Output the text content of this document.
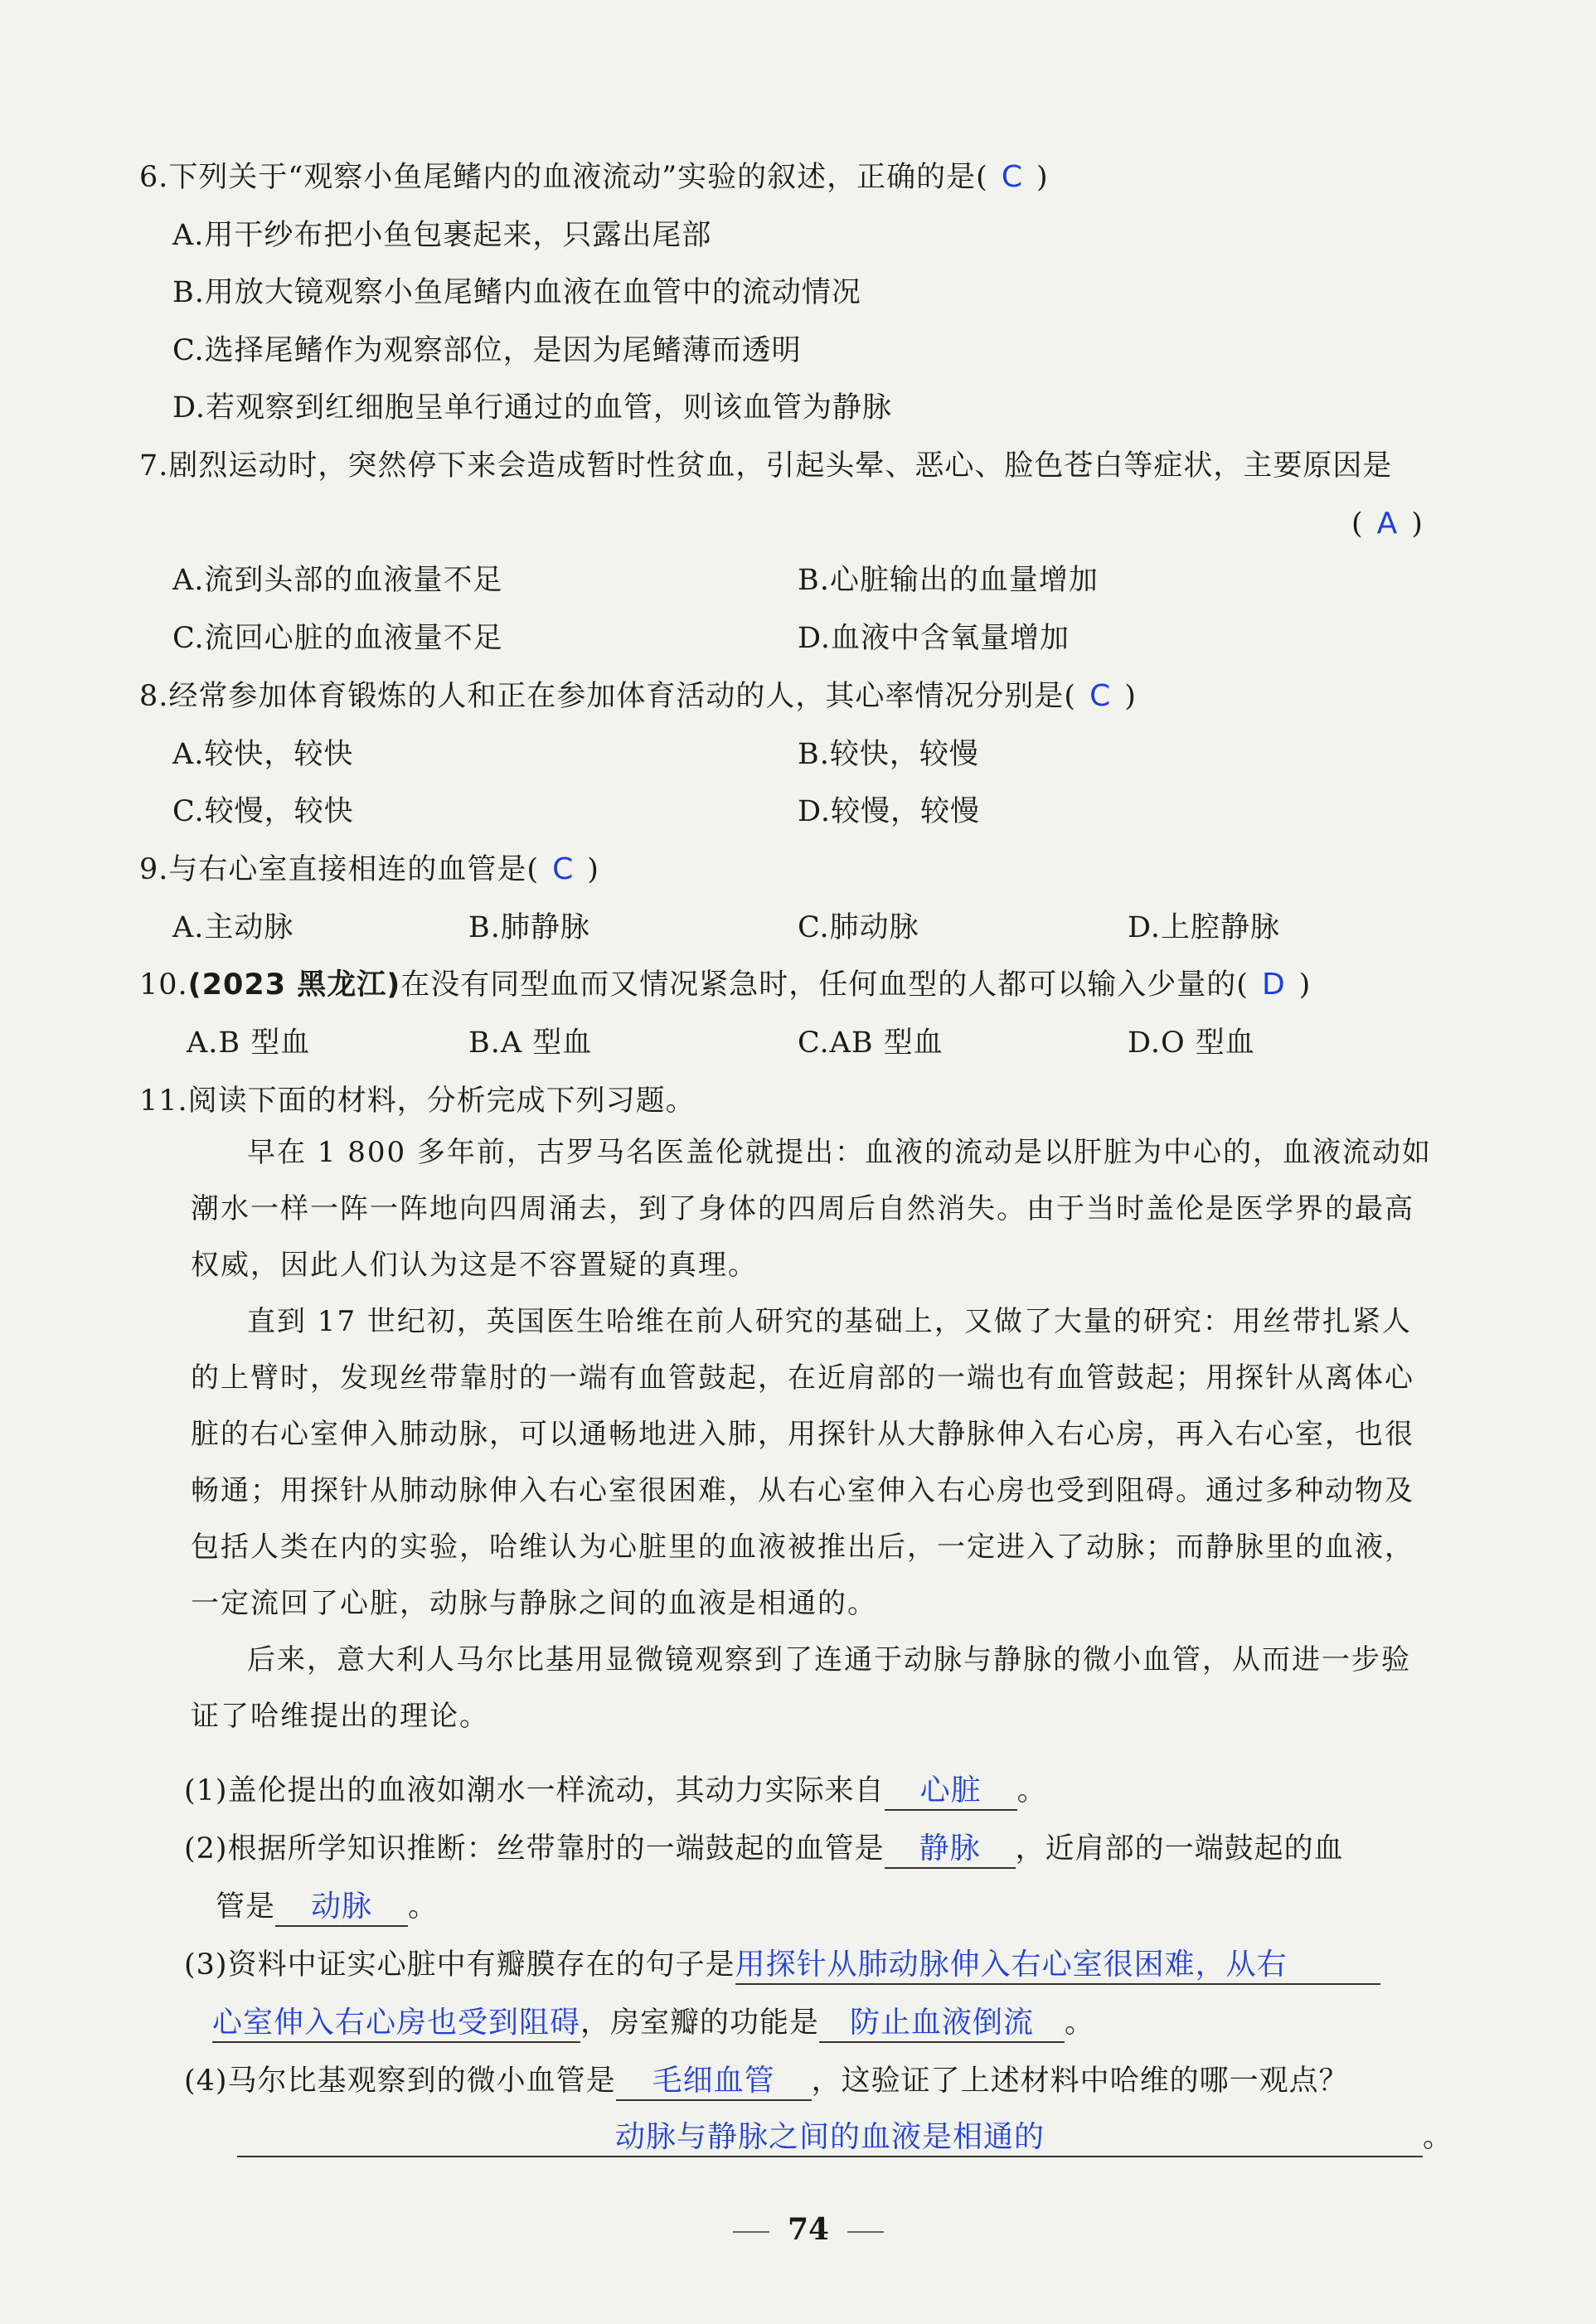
6.下列关于“观察小鱼尾鳍内的血液流动”实验的叙述，正确的是( C )
A.用干纱布把小鱼包裹起来，只露出尾部
B.用放大镜观察小鱼尾鳍内血液在血管中的流动情况
C.选择尾鳍作为观察部位，是因为尾鳍薄而透明
D.若观察到红细胞呈单行通过的血管，则该血管为静脉
7.剧烈运动时，突然停下来会造成暂时性贫血，引起头晕、恶心、脸色苍白等症状，主要原因是
( A )
A.流到头部的血液量不足	B.心脏输出的血量增加
C.流回心脏的血液量不足	D.血液中含氧量增加
8.经常参加体育锻炼的人和正在参加体育活动的人，其心率情况分别是( C )
A.较快，较快	B.较快，较慢
C.较慢，较快	D.较慢，较慢
9.与右心室直接相连的血管是( C )
A.主动脉	B.肺静脉	C.肺动脉	D.上腔静脉
10.(2023 黑龙江)在没有同型血而又情况紧急时，任何血型的人都可以输入少量的( D )
A.B 型血	B.A 型血	C.AB 型血	D.O 型血
11.阅读下面的材料，分析完成下列习题。

早在 1 800 多年前，古罗马名医盖伦就提出：血液的流动是以肝脏为中心的，血液流动如潮水一样一阵一阵地向四周涌去，到了身体的四周后自然消失。由于当时盖伦是医学界的最高权威，因此人们认为这是不容置疑的真理。

直到 17 世纪初，英国医生哈维在前人研究的基础上，又做了大量的研究：用丝带扎紧人的上臂时，发现丝带靠肘的一端有血管鼓起，在近肩部的一端也有血管鼓起；用探针从离体心脏的右心室伸入肺动脉，可以通畅地进入肺，用探针从大静脉伸入右心房，再入右心室，也很畅通；用探针从肺动脉伸入右心室很困难，从右心室伸入右心房也受到阻碍。通过多种动物及包括人类在内的实验，哈维认为心脏里的血液被推出后，一定进入了动脉；而静脉里的血液，一定流回了心脏，动脉与静脉之间的血液是相通的。

后来，意大利人马尔比基用显微镜观察到了连通于动脉与静脉的微小血管，从而进一步验证了哈维提出的理论。

(1)盖伦提出的血液如潮水一样流动，其动力实际来自 心脏 。
(2)根据所学知识推断：丝带靠肘的一端鼓起的血管是 静脉 ，近肩部的一端鼓起的血
管是 动脉 。
(3)资料中证实心脏中有瓣膜存在的句子是用探针从肺动脉伸入右心室很困难，从右
心室伸入右心房也受到阻碍，房室瓣的功能是 防止血液倒流 。
(4)马尔比基观察到的微小血管是 毛细血管 ，这验证了上述材料中哈维的哪一观点？
动脉与静脉之间的血液是相通的	。
74
